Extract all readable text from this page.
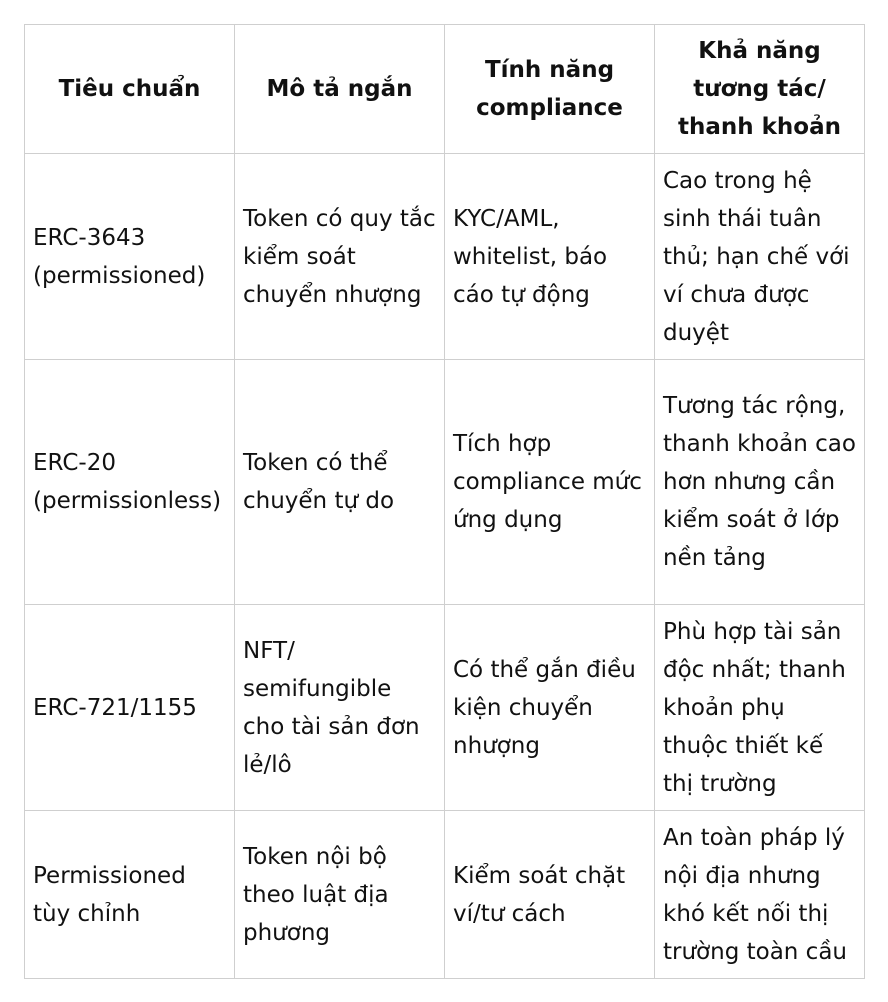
Tiêu chuẩn	Mô tả ngắn	Tính năng compliance	Khả năng tương tác/ thanh khoản

ERC-3643 (permissioned)	Token có quy tắc kiểm soát chuyển nhượng	KYC/AML, whitelist, báo cáo tự động	Cao trong hệ sinh thái tuân thủ; hạn chế với ví chưa được duyệt

ERC-20 (permissionless)	Token có thể chuyển tự do	Tích hợp compliance mức ứng dụng	Tương tác rộng, thanh khoản cao hơn nhưng cần kiểm soát ở lớp nền tảng

ERC-721/1155	NFT/ semifungible cho tài sản đơn lẻ/lô	Có thể gắn điều kiện chuyển nhượng	Phù hợp tài sản độc nhất; thanh khoản phụ thuộc thiết kế thị trường

Permissioned tùy chỉnh	Token nội bộ theo luật địa phương	Kiểm soát chặt ví/tư cách	An toàn pháp lý nội địa nhưng khó kết nối thị trường toàn cầu
